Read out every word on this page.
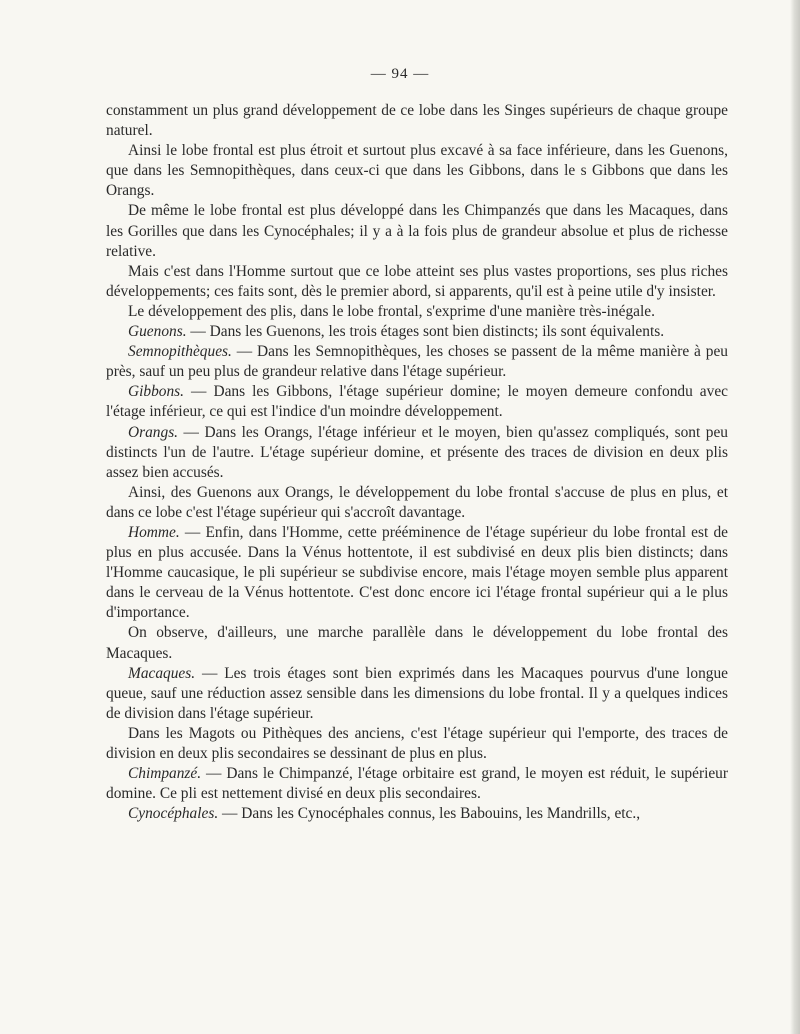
— 94 —

constamment un plus grand développement de ce lobe dans les Singes supérieurs de chaque groupe naturel.

Ainsi le lobe frontal est plus étroit et surtout plus excavé à sa face inférieure, dans les Guenons, que dans les Semnopithèques, dans ceux-ci que dans les Gibbons, dans le s Gibbons que dans les Orangs.

De même le lobe frontal est plus développé dans les Chimpanzés que dans les Macaques, dans les Gorilles que dans les Cynocéphales; il y a à la fois plus de grandeur absolue et plus de richesse relative.

Mais c'est dans l'Homme surtout que ce lobe atteint ses plus vastes proportions, ses plus riches développements; ces faits sont, dès le premier abord, si apparents, qu'il est à peine utile d'y insister.

Le développement des plis, dans le lobe frontal, s'exprime d'une manière très-inégale.

Guenons. — Dans les Guenons, les trois étages sont bien distincts; ils sont équivalents.

Semnopithèques. — Dans les Semnopithèques, les choses se passent de la même manière à peu près, sauf un peu plus de grandeur relative dans l'étage supérieur.

Gibbons. — Dans les Gibbons, l'étage supérieur domine; le moyen demeure confondu avec l'étage inférieur, ce qui est l'indice d'un moindre développement.

Orangs. — Dans les Orangs, l'étage inférieur et le moyen, bien qu'assez compliqués, sont peu distincts l'un de l'autre. L'étage supérieur domine, et présente des traces de division en deux plis assez bien accusés.

Ainsi, des Guenons aux Orangs, le développement du lobe frontal s'accuse de plus en plus, et dans ce lobe c'est l'étage supérieur qui s'accroît davantage.

Homme. — Enfin, dans l'Homme, cette prééminence de l'étage supérieur du lobe frontal est de plus en plus accusée. Dans la Vénus hottentote, il est subdivisé en deux plis bien distincts; dans l'Homme caucasique, le pli supérieur se subdivise encore, mais l'étage moyen semble plus apparent dans le cerveau de la Vénus hottentote. C'est donc encore ici l'étage frontal supérieur qui a le plus d'importance.

On observe, d'ailleurs, une marche parallèle dans le développement du lobe frontal des Macaques.

Macaques. — Les trois étages sont bien exprimés dans les Macaques pourvus d'une longue queue, sauf une réduction assez sensible dans les dimensions du lobe frontal. Il y a quelques indices de division dans l'étage supérieur.

Dans les Magots ou Pithèques des anciens, c'est l'étage supérieur qui l'emporte, des traces de division en deux plis secondaires se dessinant de plus en plus.

Chimpanzé. — Dans le Chimpanzé, l'étage orbitaire est grand, le moyen est réduit, le supérieur domine. Ce pli est nettement divisé en deux plis secondaires.

Cynocéphales. — Dans les Cynocéphales connus, les Babouins, les Mandrills, etc.,
